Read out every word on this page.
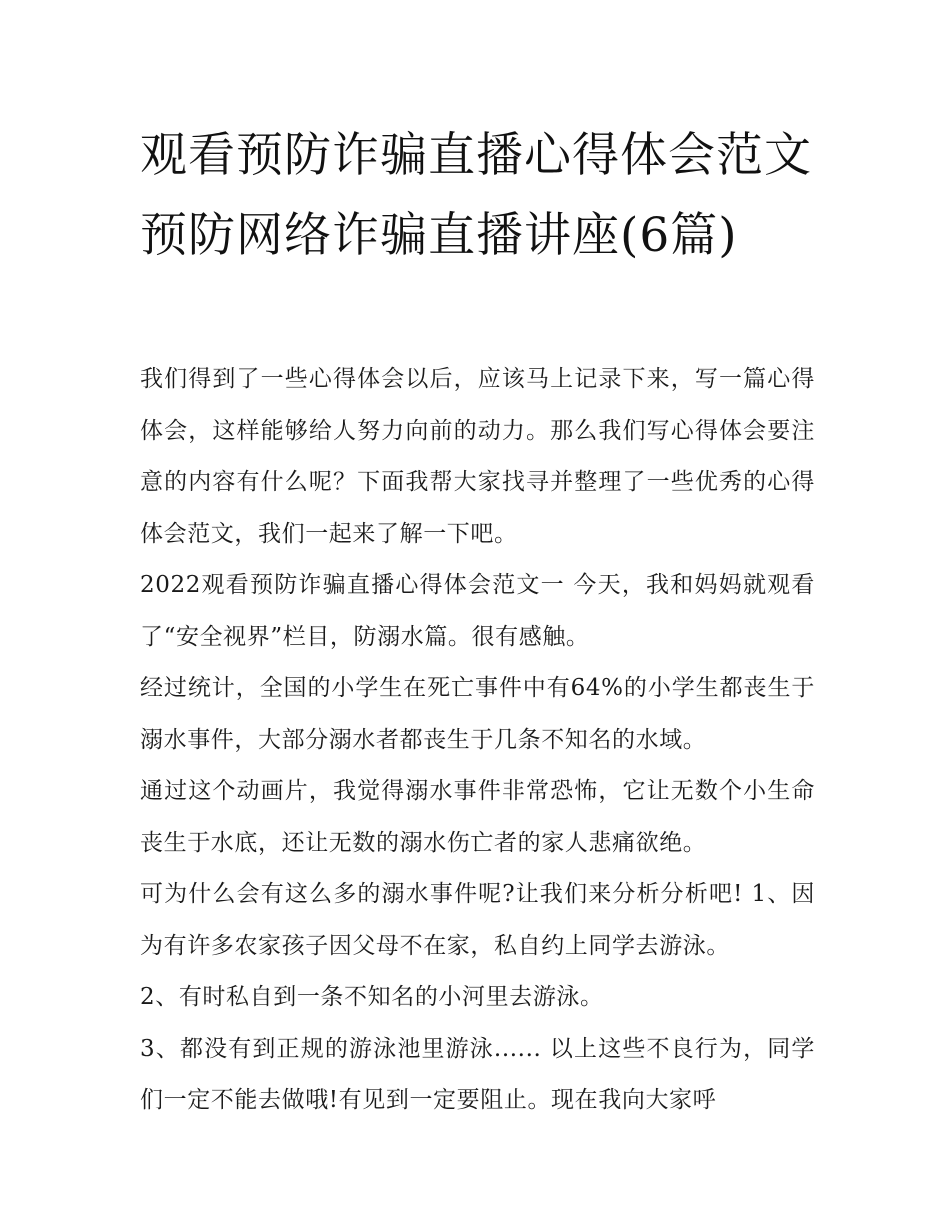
观看预防诈骗直播心得体会范文 预防网络诈骗直播讲座(6篇)

我们得到了一些心得体会以后，应该马上记录下来，写一篇心得体会，这样能够给人努力向前的动力。那么我们写心得体会要注意的内容有什么呢？下面我帮大家找寻并整理了一些优秀的心得体会范文，我们一起来了解一下吧。

2022观看预防诈骗直播心得体会范文一 今天，我和妈妈就观看了“安全视界”栏目，防溺水篇。很有感触。

经过统计，全国的小学生在死亡事件中有64%的小学生都丧生于溺水事件，大部分溺水者都丧生于几条不知名的水域。

通过这个动画片，我觉得溺水事件非常恐怖，它让无数个小生命丧生于水底，还让无数的溺水伤亡者的家人悲痛欲绝。

可为什么会有这么多的溺水事件呢?让我们来分析分析吧! 1、因为有许多农家孩子因父母不在家，私自约上同学去游泳。

2、有时私自到一条不知名的小河里去游泳。

3、都没有到正规的游泳池里游泳...... 以上这些不良行为，同学们一定不能去做哦!有见到一定要阻止。现在我向大家呼
